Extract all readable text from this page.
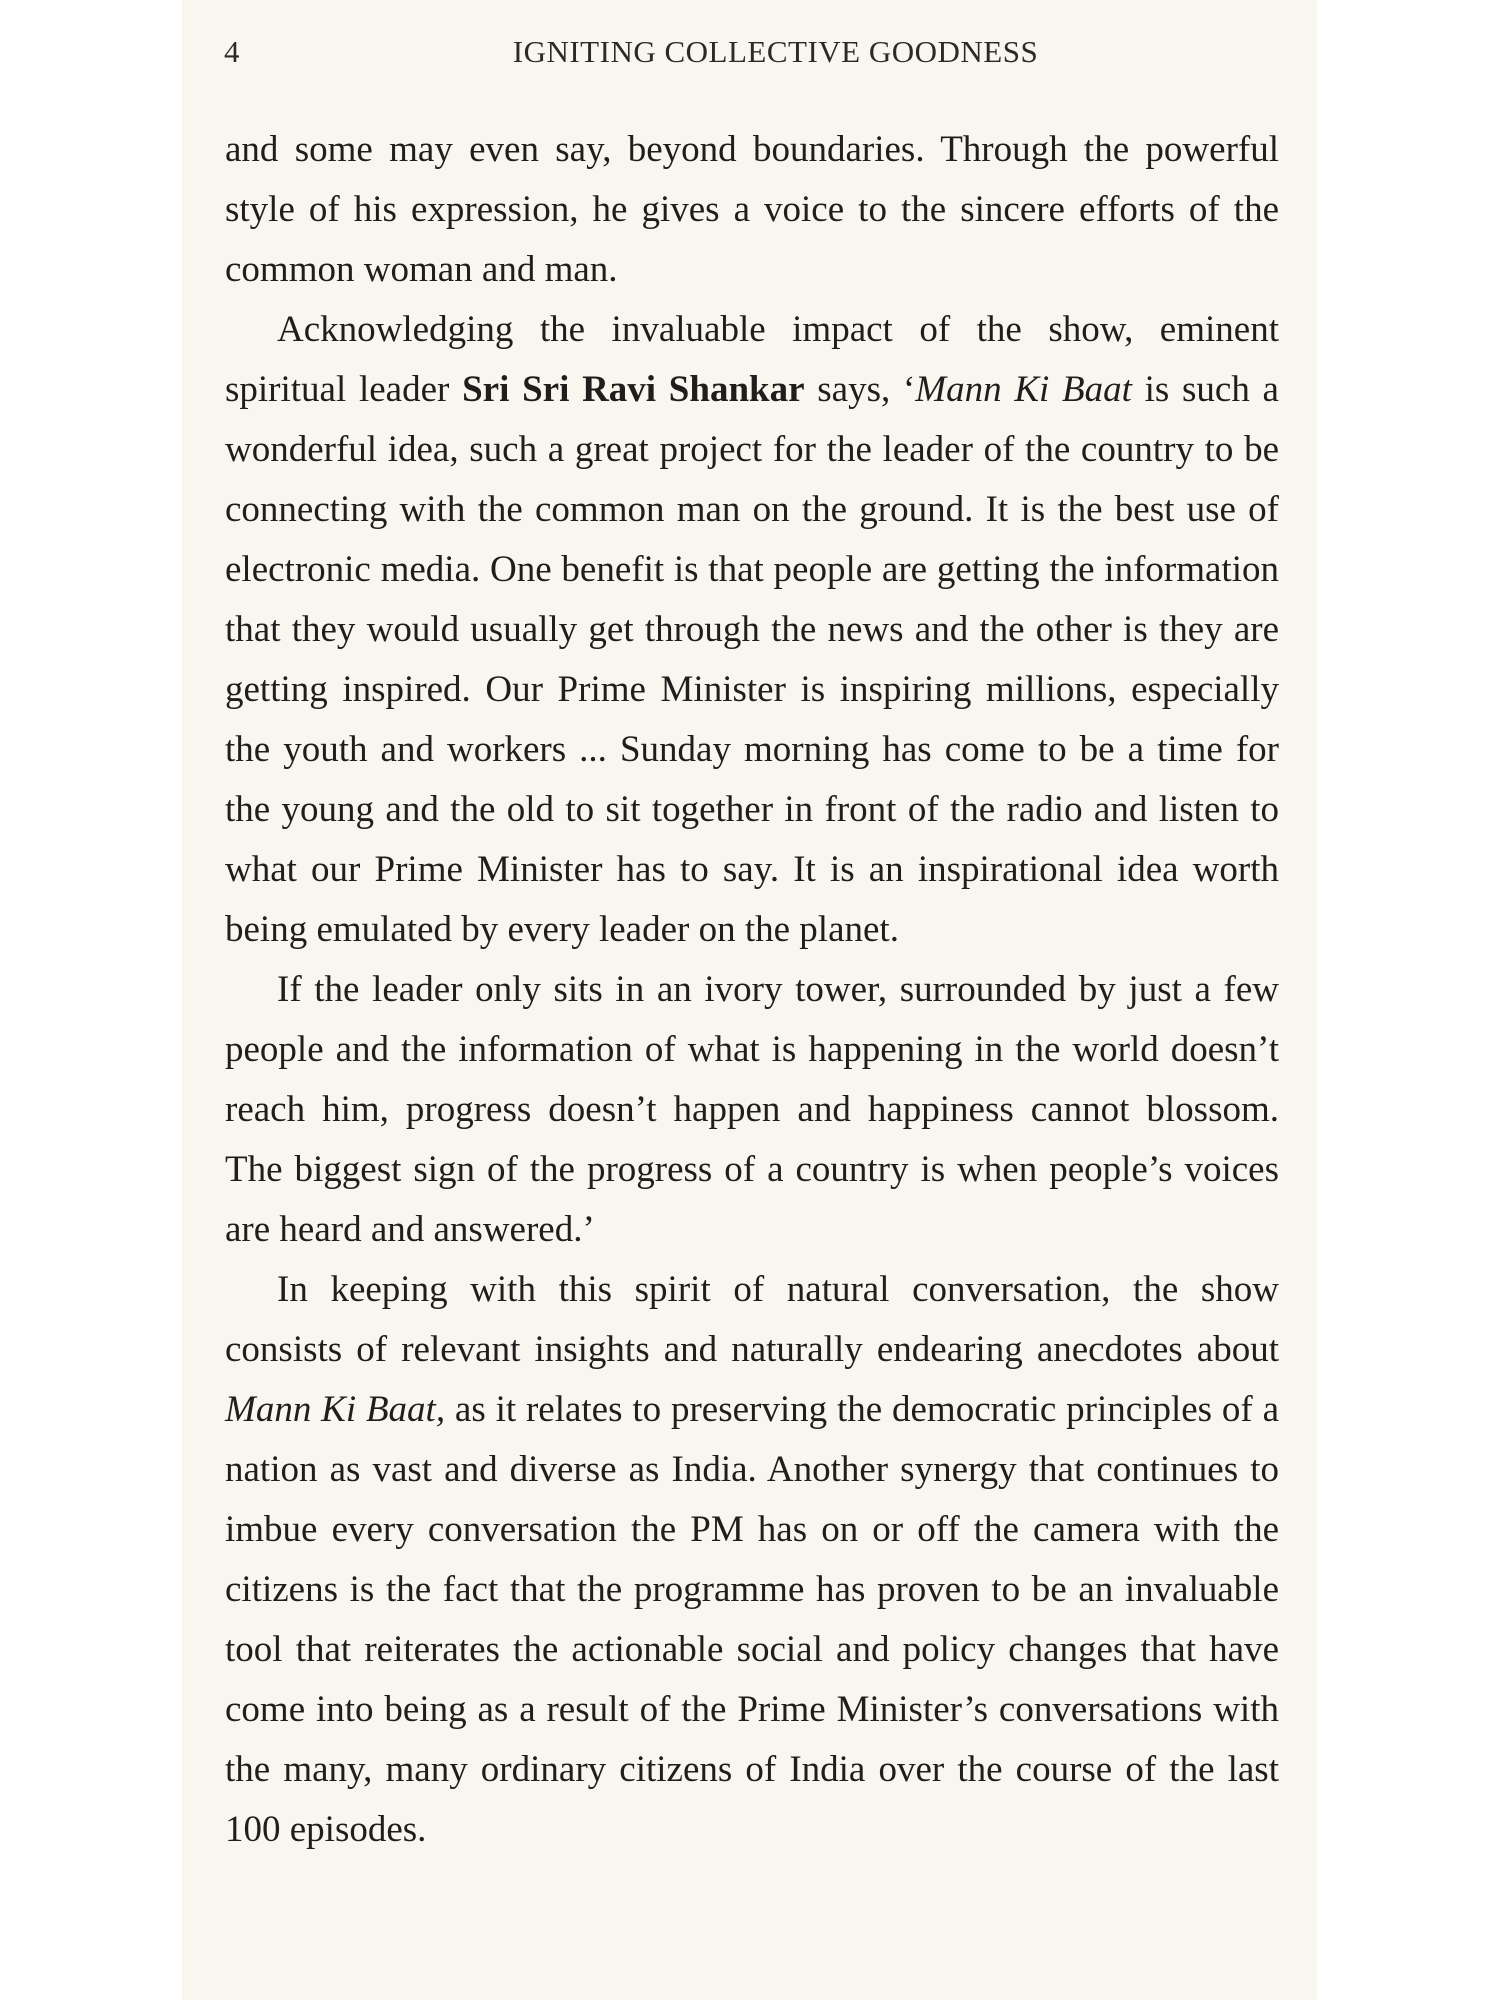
4	IGNITING COLLECTIVE GOODNESS

and some may even say, beyond boundaries. Through the powerful style of his expression, he gives a voice to the sincere efforts of the common woman and man.

Acknowledging the invaluable impact of the show, eminent spiritual leader Sri Sri Ravi Shankar says, ‘Mann Ki Baat is such a wonderful idea, such a great project for the leader of the country to be connecting with the common man on the ground. It is the best use of electronic media. One benefit is that people are getting the information that they would usually get through the news and the other is they are getting inspired. Our Prime Minister is inspiring millions, especially the youth and workers ... Sunday morning has come to be a time for the young and the old to sit together in front of the radio and listen to what our Prime Minister has to say. It is an inspirational idea worth being emulated by every leader on the planet.

If the leader only sits in an ivory tower, surrounded by just a few people and the information of what is happening in the world doesn’t reach him, progress doesn’t happen and happiness cannot blossom. The biggest sign of the progress of a country is when people’s voices are heard and answered.’

In keeping with this spirit of natural conversation, the show consists of relevant insights and naturally endearing anecdotes about Mann Ki Baat, as it relates to preserving the democratic principles of a nation as vast and diverse as India. Another synergy that continues to imbue every conversation the PM has on or off the camera with the citizens is the fact that the programme has proven to be an invaluable tool that reiterates the actionable social and policy changes that have come into being as a result of the Prime Minister’s conversations with the many, many ordinary citizens of India over the course of the last 100 episodes.
